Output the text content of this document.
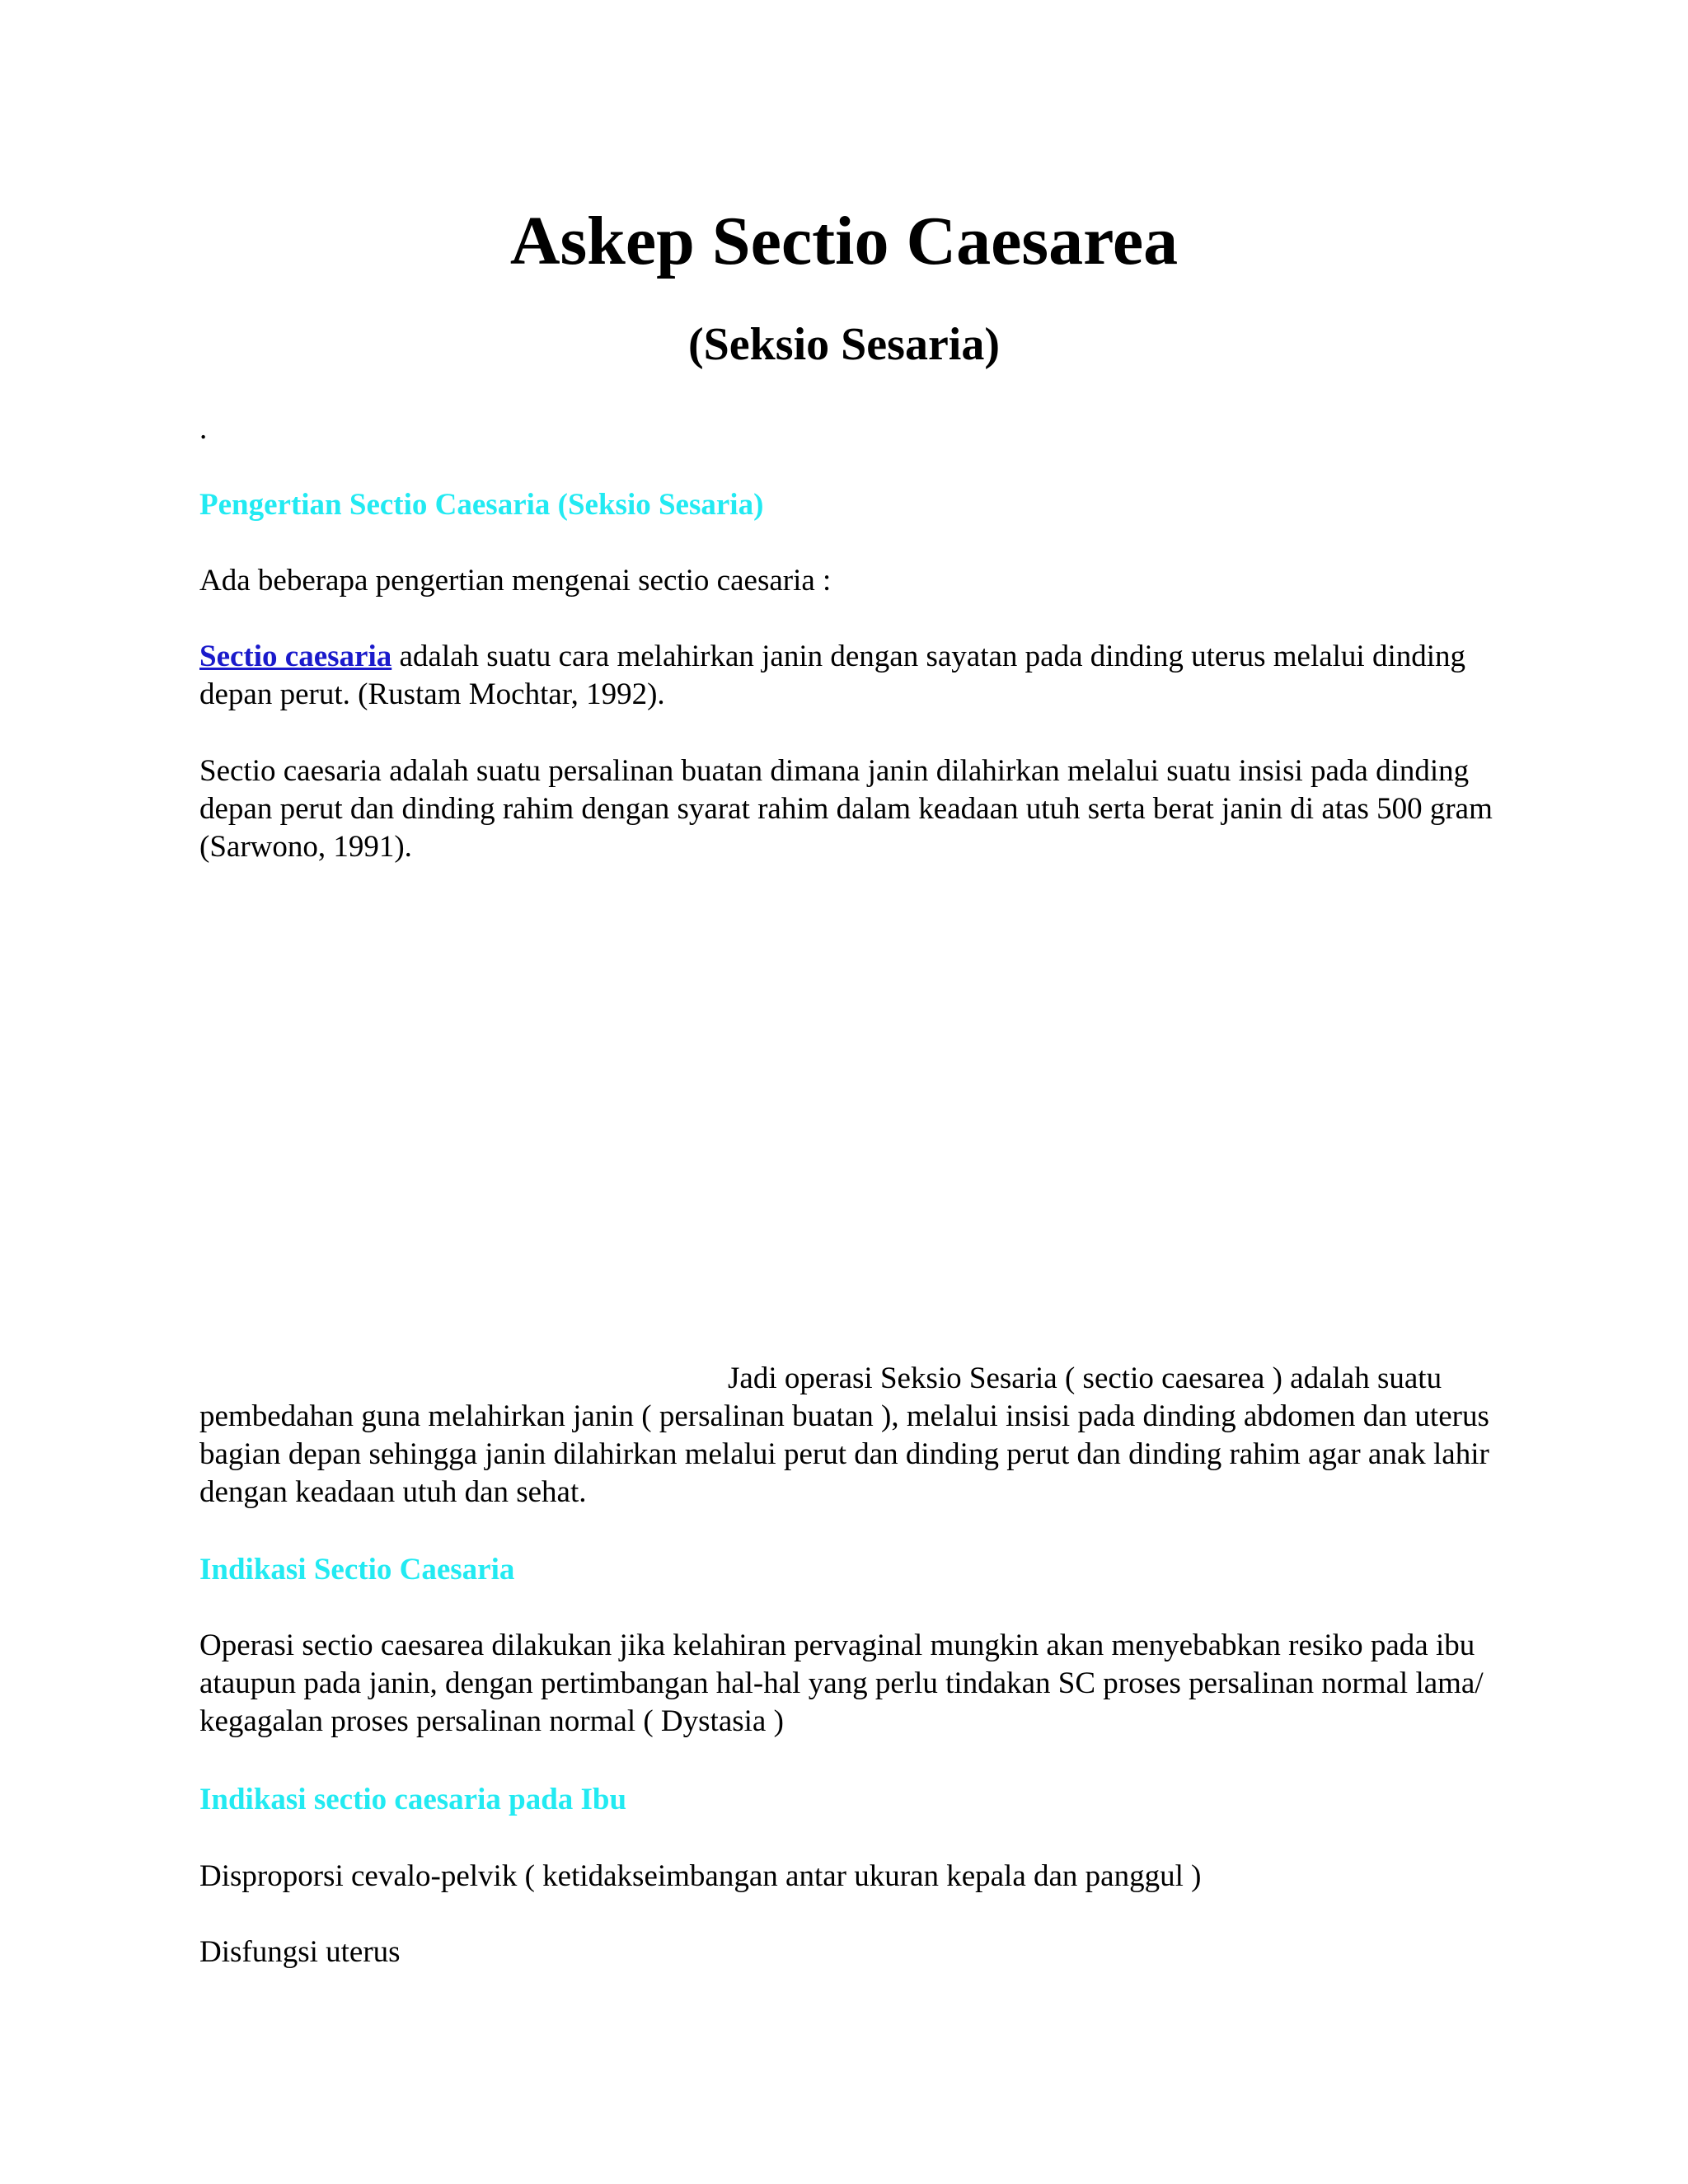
Askep Sectio Caesarea
(Seksio Sesaria)

.

Pengertian Sectio Caesaria (Seksio Sesaria)

Ada beberapa pengertian mengenai sectio caesaria :

Sectio caesaria adalah suatu cara melahirkan janin dengan sayatan pada dinding uterus melalui dinding depan perut. (Rustam Mochtar, 1992).

Sectio caesaria adalah suatu persalinan buatan dimana janin dilahirkan melalui suatu insisi pada dinding depan perut dan dinding rahim dengan syarat rahim dalam keadaan utuh serta berat janin di atas 500 gram (Sarwono, 1991).

Jadi operasi Seksio Sesaria ( sectio caesarea ) adalah suatu pembedahan guna melahirkan janin ( persalinan buatan ), melalui insisi pada dinding abdomen dan uterus bagian depan sehingga janin dilahirkan melalui perut dan dinding perut dan dinding rahim agar anak lahir dengan keadaan utuh dan sehat.

Indikasi Sectio Caesaria

Operasi sectio caesarea dilakukan jika kelahiran pervaginal mungkin akan menyebabkan resiko pada ibu ataupun pada janin, dengan pertimbangan hal-hal yang perlu tindakan SC proses persalinan normal lama/ kegagalan proses persalinan normal ( Dystasia )

Indikasi sectio caesaria pada Ibu

Disproporsi cevalo-pelvik ( ketidakseimbangan antar ukuran kepala dan panggul )

Disfungsi uterus
